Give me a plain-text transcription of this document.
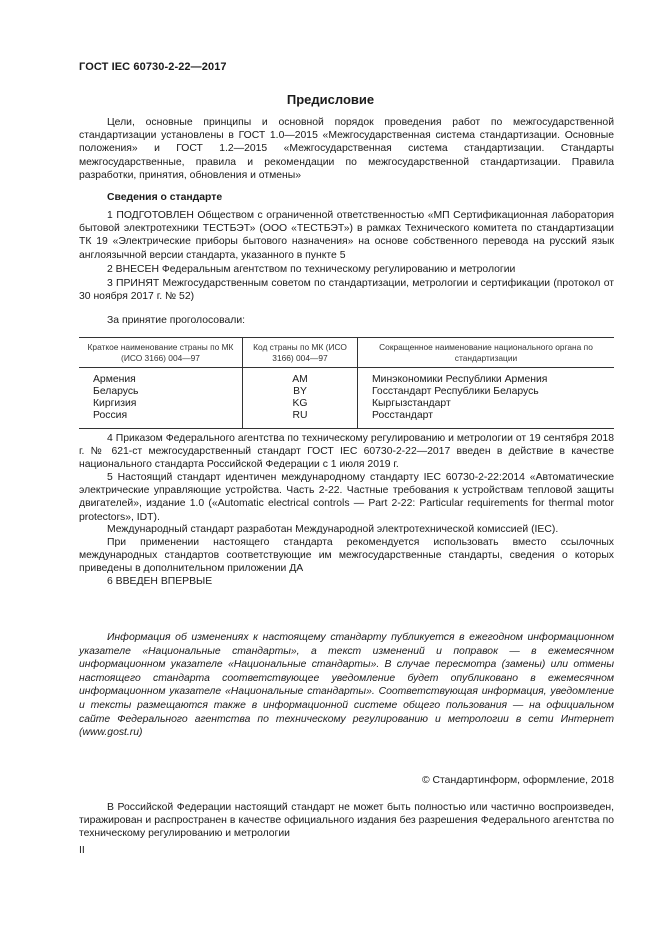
ГОСТ IEC 60730-2-22—2017
Предисловие

Цели, основные принципы и основной порядок проведения работ по межгосударственной стандартизации установлены в ГОСТ 1.0—2015 «Межгосударственная система стандартизации. Основные положения» и ГОСТ 1.2—2015 «Межгосударственная система стандартизации. Стандарты межгосударственные, правила и рекомендации по межгосударственной стандартизации. Правила разработки, принятия, обновления и отмены»

Сведения о стандарте

1 ПОДГОТОВЛЕН Обществом с ограниченной ответственностью «МП Сертификационная лаборатория бытовой электротехники ТЕСТБЭТ» (ООО «ТЕСТБЭТ») в рамках Технического комитета по стандартизации ТК 19 «Электрические приборы бытового назначения» на основе собственного перевода на русский язык англоязычной версии стандарта, указанного в пункте 5

2 ВНЕСЕН Федеральным агентством по техническому регулированию и метрологии

3 ПРИНЯТ Межгосударственным советом по стандартизации, метрологии и сертификации (протокол от 30 ноября 2017 г. № 52)

За принятие проголосовали:
Краткое наименование страны по МК (ИСО 3166) 004—97	Код страны по МК (ИСО 3166) 004—97	Сокращенное наименование национального органа по стандартизации
Армения	AM	Минэкономики Республики Армения
Беларусь	BY	Госстандарт Республики Беларусь
Киргизия	KG	Кыргызстандарт
Россия	RU	Росстандарт

4 Приказом Федерального агентства по техническому регулированию и метрологии от 19 сентября 2018 г. № 621-ст межгосударственный стандарт ГОСТ IEC 60730-2-22—2017 введен в действие в качестве национального стандарта Российской Федерации с 1 июля 2019 г.

5 Настоящий стандарт идентичен международному стандарту IEC 60730-2-22:2014 «Автоматические электрические управляющие устройства. Часть 2-22. Частные требования к устройствам тепловой защиты двигателей», издание 1.0 («Automatic electrical controls — Part 2-22: Particular requirements for thermal motor protectors», IDT).

Международный стандарт разработан Международной электротехнической комиссией (IEC).

При применении настоящего стандарта рекомендуется использовать вместо ссылочных международных стандартов соответствующие им межгосударственные стандарты, сведения о которых приведены в дополнительном приложении ДА

6 ВВЕДЕН ВПЕРВЫЕ

Информация об изменениях к настоящему стандарту публикуется в ежегодном информационном указателе «Национальные стандарты», а текст изменений и поправок — в ежемесячном информационном указателе «Национальные стандарты». В случае пересмотра (замены) или отмены настоящего стандарта соответствующее уведомление будет опубликовано в ежемесячном информационном указателе «Национальные стандарты». Соответствующая информация, уведомление и тексты размещаются также в информационной системе общего пользования — на официальном сайте Федерального агентства по техническому регулированию и метрологии в сети Интернет (www.gost.ru)

© Стандартинформ, оформление, 2018

В Российской Федерации настоящий стандарт не может быть полностью или частично воспроизведен, тиражирован и распространен в качестве официального издания без разрешения Федерального агентства по техническому регулированию и метрологии

II
